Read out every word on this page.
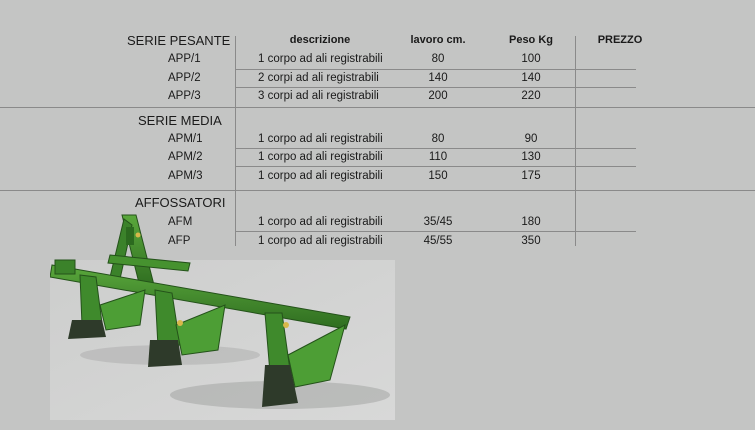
SERIE PESANTE	descrizione	lavoro cm.	Peso Kg	PREZZO
APP/1	1 corpo ad ali registrabili	80	100
APP/2	2 corpi ad ali registrabili	140	140
APP/3	3 corpi ad ali registrabili	200	220
SERIE MEDIA
APM/1	1 corpo ad ali registrabili	80	90
APM/2	1 corpo ad ali registrabili	110	130
APM/3	1 corpo ad ali registrabili	150	175
AFFOSSATORI
AFM	1 corpo ad ali registrabili	35/45	180
AFP	1 corpo ad ali registrabili	45/55	350
